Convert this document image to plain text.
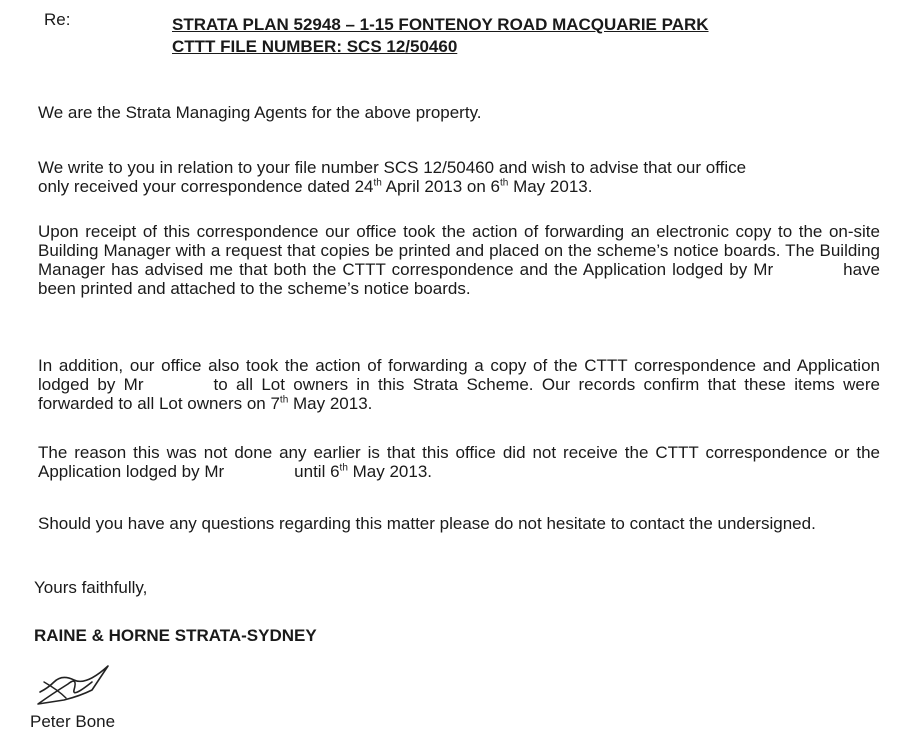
Re:	STRATA PLAN 52948 – 1-15 FONTENOY ROAD MACQUARIE PARK
CTTT FILE NUMBER: SCS 12/50460
We are the Strata Managing Agents for the above property.
We write to you in relation to your file number SCS 12/50460 and wish to advise that our office
only received your correspondence dated 24th April 2013 on 6th May 2013.
Upon receipt of this correspondence our office took the action of forwarding an electronic copy to the on-site Building Manager with a request that copies be printed and placed on the scheme’s notice boards. The Building Manager has advised me that both the CTTT correspondence and the Application lodged by Mr	have been printed and attached to the scheme’s notice boards.
In addition, our office also took the action of forwarding a copy of the CTTT correspondence and Application lodged by Mr	to all Lot owners in this Strata Scheme. Our records confirm that these items were forwarded to all Lot owners on 7th May 2013.
The reason this was not done any earlier is that this office did not receive the CTTT correspondence or the Application lodged by Mr	until 6th May 2013.
Should you have any questions regarding this matter please do not hesitate to contact the undersigned.
Yours faithfully,
RAINE & HORNE STRATA-SYDNEY
Peter Bone
